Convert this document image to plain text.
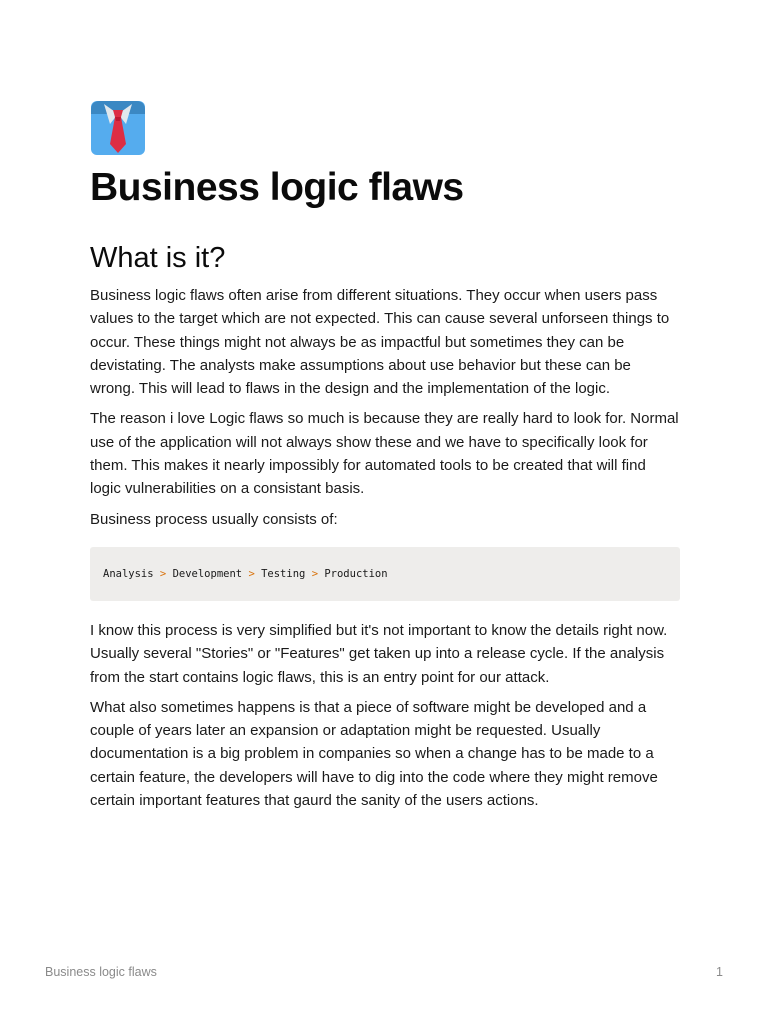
Business logic flaws
What is it?

Business logic flaws often arise from different situations. They occur when users pass values to the target which are not expected. This can cause several unforseen things to occur. These things might not always be as impactful but sometimes they can be devistating. The analysts make assumptions about use behavior but these can be wrong. This will lead to flaws in the design and the implementation of the logic.

The reason i love Logic flaws so much is because they are really hard to look for. Normal use of the application will not always show these and we have to specifically look for them. This makes it nearly impossibly for automated tools to be created that will find logic vulnerabilities on a consistant basis.

Business process usually consists of:

Analysis > Development > Testing > Production

I know this process is very simplified but it's not important to know the details right now. Usually several "Stories" or "Features" get taken up into a release cycle. If the analysis from the start contains logic flaws, this is an entry point for our attack.

What also sometimes happens is that a piece of software might be developed and a couple of years later an expansion or adaptation might be requested. Usually documentation is a big problem in companies so when a change has to be made to a certain feature, the developers will have to dig into the code where they might remove certain important features that gaurd the sanity of the users actions.

Business logic flaws	1
